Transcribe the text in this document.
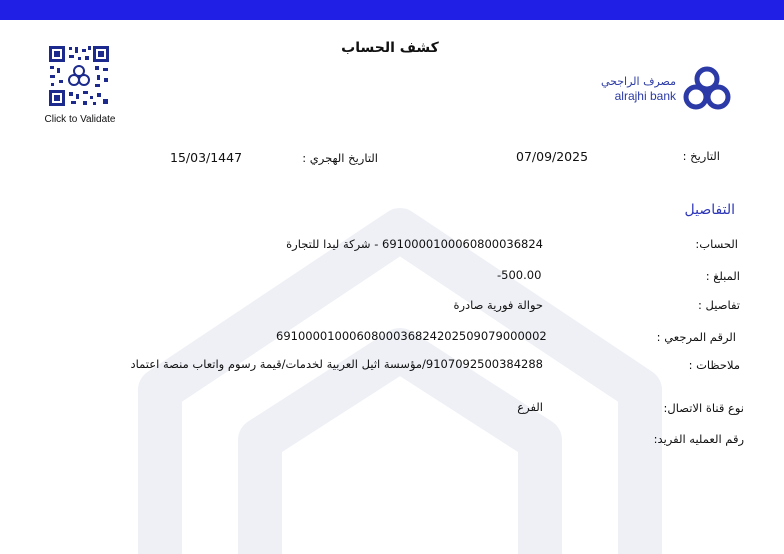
كشف الحساب
Click to Validate
مصرف الراجحي
alrajhi bank
التاريخ :
07/09/2025
التاريخ الهجري :
15/03/1447
التفاصيل
الحساب:
6910000100060800036824 - شركة ليدا للتجارة
المبلغ :
-500.00
تفاصيل :
حوالة فورية صادرة
الرقم المرجعي :
6910000100060800036824202509079000002
ملاحظات :
9107092500384288/مؤسسة اثيل العربية لخدمات/قيمة رسوم واتعاب منصة اعتماد
نوع قناة الاتصال:
الفرع
رقم العمليه الفريد:
